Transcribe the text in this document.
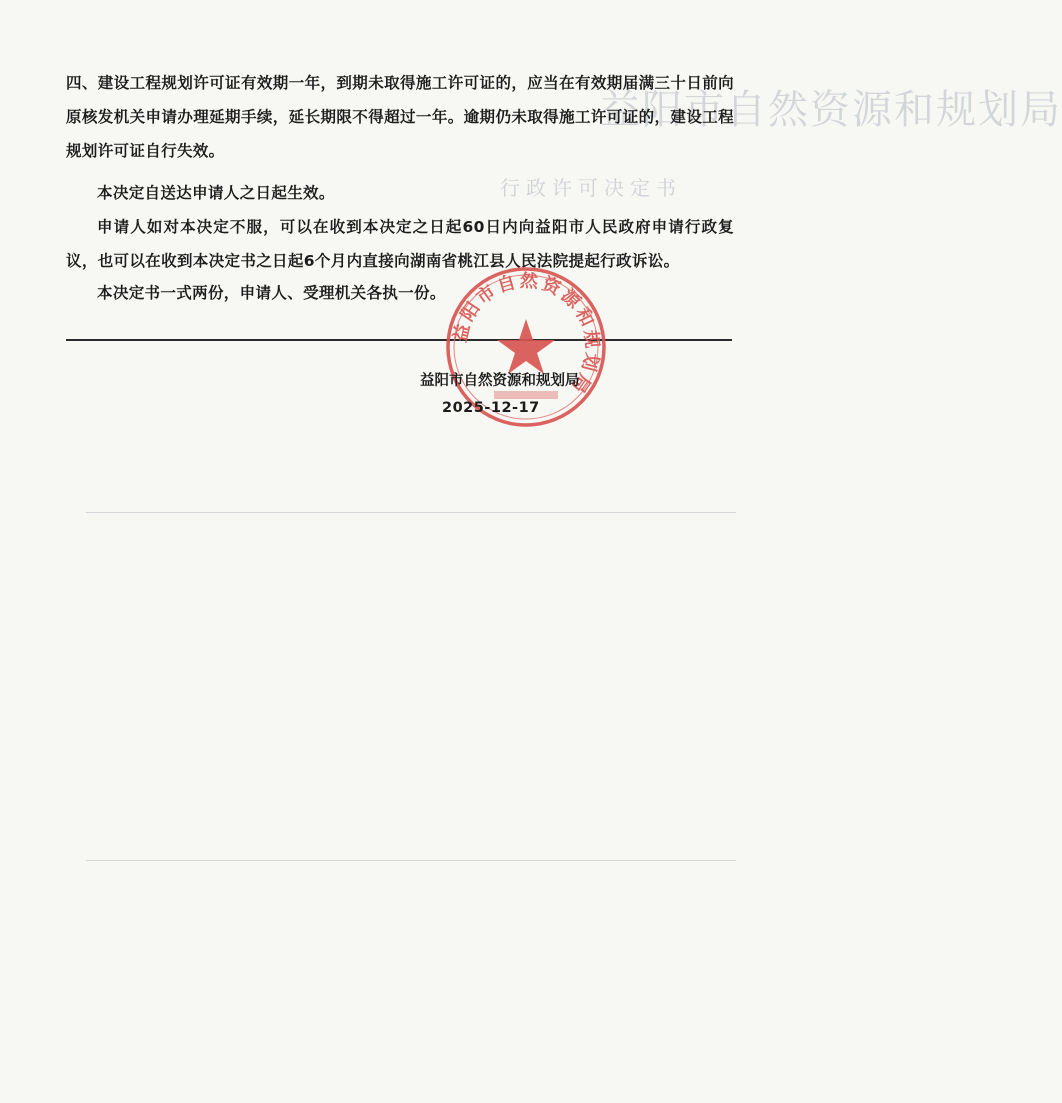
益阳市自然资源和规划局
行政许可决定书

四、建设工程规划许可证有效期一年，到期未取得施工许可证的，应当在有效期届满三十日前向原核发机关申请办理延期手续，延长期限不得超过一年。逾期仍未取得施工许可证的，建设工程规划许可证自行失效。

本决定自送达申请人之日起生效。

申请人如对本决定不服，可以在收到本决定之日起60日内向益阳市人民政府申请行政复议，也可以在收到本决定书之日起6个月内直接向湖南省桃江县人民法院提起行政诉讼。

本决定书一式两份，申请人、受理机关各执一份。

益阳市自然资源和规划局
益阳市自然资源和规划局
2025-12-17
